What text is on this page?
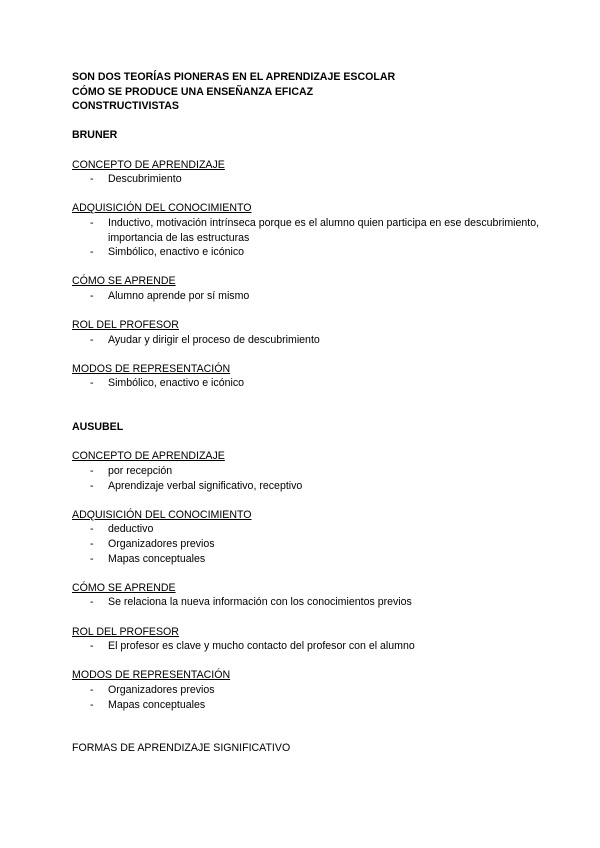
SON DOS TEORÍAS PIONERAS EN EL APRENDIZAJE ESCOLAR
CÓMO SE PRODUCE UNA ENSEÑANZA EFICAZ
CONSTRUCTIVISTAS
BRUNER
CONCEPTO DE APRENDIZAJE
- Descubrimiento
ADQUISICIÓN DEL CONOCIMIENTO
- Inductivo, motivación intrínseca porque es el alumno quien participa en ese descubrimiento, importancia de las estructuras
- Simbólico, enactivo e icónico
CÓMO SE APRENDE
- Alumno aprende por sí mismo
ROL DEL PROFESOR
- Ayudar y dirigir el proceso de descubrimiento
MODOS DE REPRESENTACIÓN
- Simbólico, enactivo e icónico
AUSUBEL
CONCEPTO DE APRENDIZAJE
- por recepción
- Aprendizaje verbal significativo, receptivo
ADQUISICIÓN DEL CONOCIMIENTO
- deductivo
- Organizadores previos
- Mapas conceptuales
CÓMO SE APRENDE
- Se relaciona la nueva información con los conocimientos previos
ROL DEL PROFESOR
- El profesor es clave y mucho contacto del profesor con el alumno
MODOS DE REPRESENTACIÓN
- Organizadores previos
- Mapas conceptuales
FORMAS DE APRENDIZAJE SIGNIFICATIVO
